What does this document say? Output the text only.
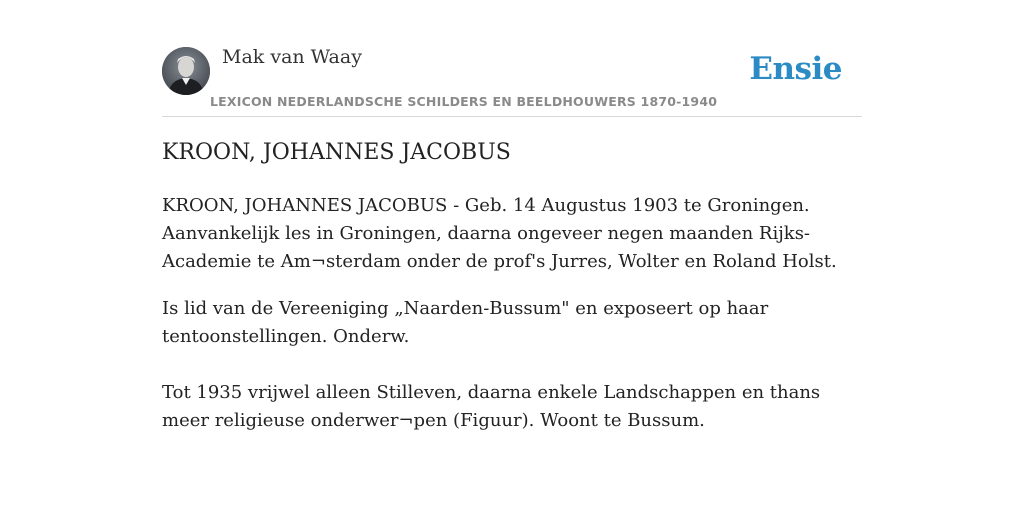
Mak van Waay
LEXICON NEDERLANDSCHE SCHILDERS EN BEELDHOUWERS 1870-1940
Ensie
KROON, JOHANNES JACOBUS

KROON, JOHANNES JACOBUS - Geb. 14 Augustus 1903 te Groningen. Aanvankelijk les in Groningen, daarna ongeveer negen maanden Rijks-Academie te Am¬sterdam onder de prof's Jurres, Wolter en Roland Holst.

Is lid van de Vereeniging „Naarden-Bussum" en exposeert op haar tentoonstellingen. Onderw.

Tot 1935 vrijwel alleen Stilleven, daarna enkele Landschappen en thans meer religieuse onderwer¬pen (Figuur). Woont te Bussum.
